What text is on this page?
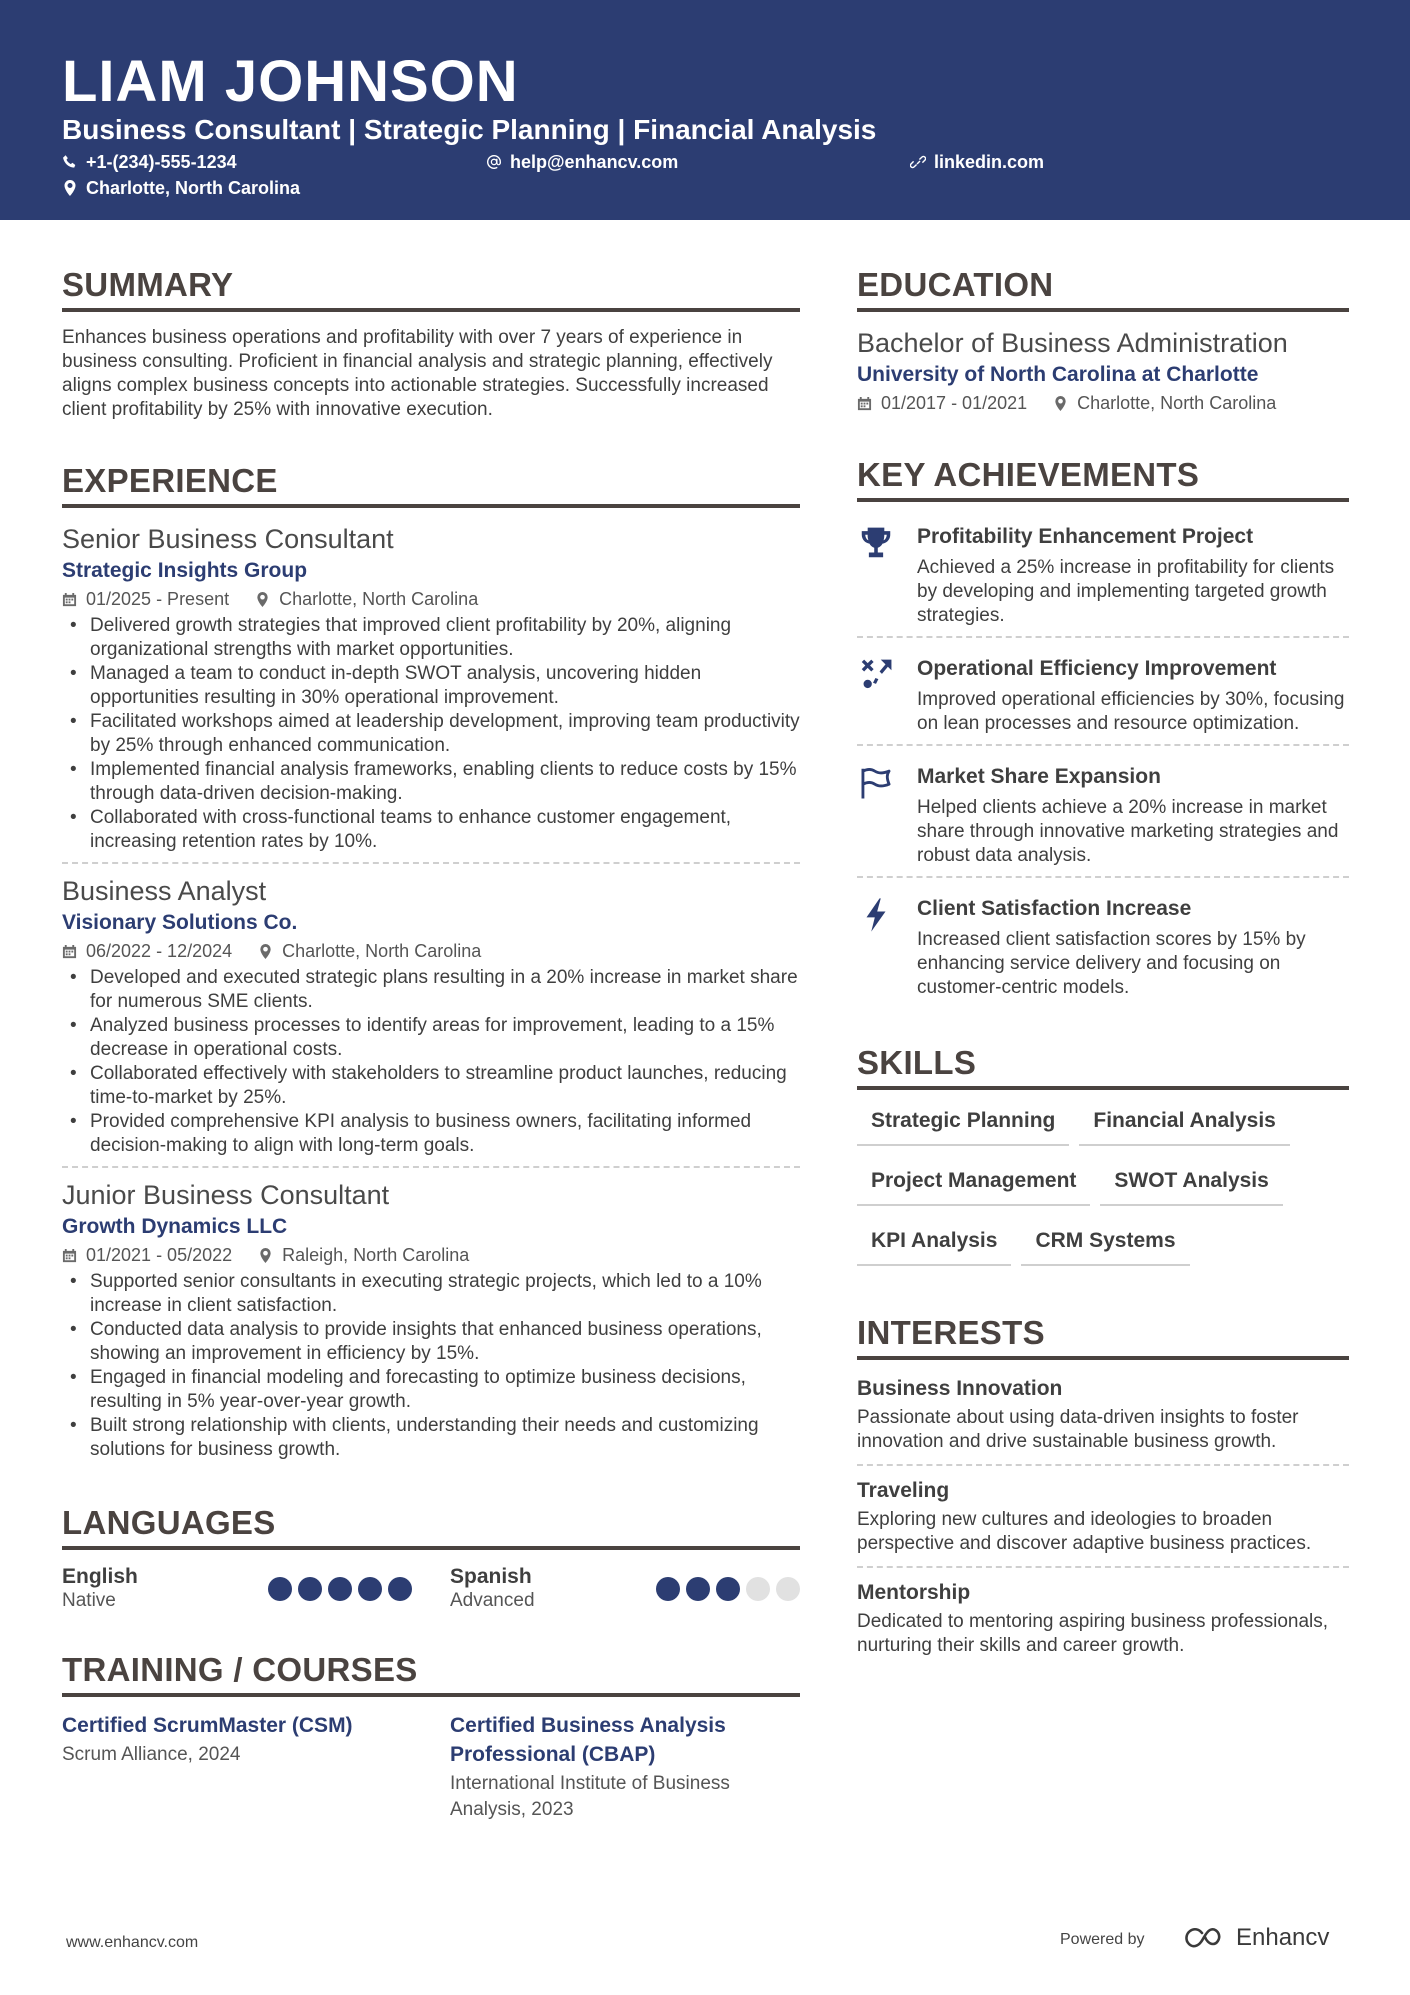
LIAM JOHNSON
Business Consultant | Strategic Planning | Financial Analysis
+1-(234)-555-1234	help@enhancv.com	linkedin.com
Charlotte, North Carolina
SUMMARY

Enhances business operations and profitability with over 7 years of experience in business consulting. Proficient in financial analysis and strategic planning, effectively aligns complex business concepts into actionable strategies. Successfully increased client profitability by 25% with innovative execution.

EXPERIENCE
Senior Business Consultant
Strategic Insights Group
01/2025 - Present	Charlotte, North Carolina
• Delivered growth strategies that improved client profitability by 20%, aligning organizational strengths with market opportunities.
• Managed a team to conduct in-depth SWOT analysis, uncovering hidden opportunities resulting in 30% operational improvement.
• Facilitated workshops aimed at leadership development, improving team productivity by 25% through enhanced communication.
• Implemented financial analysis frameworks, enabling clients to reduce costs by 15% through data-driven decision-making.
• Collaborated with cross-functional teams to enhance customer engagement, increasing retention rates by 10%.
Business Analyst
Visionary Solutions Co.
06/2022 - 12/2024	Charlotte, North Carolina
• Developed and executed strategic plans resulting in a 20% increase in market share for numerous SME clients.
• Analyzed business processes to identify areas for improvement, leading to a 15% decrease in operational costs.
• Collaborated effectively with stakeholders to streamline product launches, reducing time-to-market by 25%.
• Provided comprehensive KPI analysis to business owners, facilitating informed decision-making to align with long-term goals.
Junior Business Consultant
Growth Dynamics LLC
01/2021 - 05/2022	Raleigh, North Carolina
• Supported senior consultants in executing strategic projects, which led to a 10% increase in client satisfaction.
• Conducted data analysis to provide insights that enhanced business operations, showing an improvement in efficiency by 15%.
• Engaged in financial modeling and forecasting to optimize business decisions, resulting in 5% year-over-year growth.
• Built strong relationship with clients, understanding their needs and customizing solutions for business growth.
LANGUAGES
English
Native
Spanish
Advanced
TRAINING / COURSES
Certified ScrumMaster (CSM)
Scrum Alliance, 2024
Certified Business Analysis Professional (CBAP)
International Institute of Business Analysis, 2023
EDUCATION
Bachelor of Business Administration
University of North Carolina at Charlotte
01/2017 - 01/2021	Charlotte, North Carolina
KEY ACHIEVEMENTS
Profitability Enhancement Project
Achieved a 25% increase in profitability for clients by developing and implementing targeted growth strategies.
Operational Efficiency Improvement
Improved operational efficiencies by 30%, focusing on lean processes and resource optimization.
Market Share Expansion
Helped clients achieve a 20% increase in market share through innovative marketing strategies and robust data analysis.
Client Satisfaction Increase
Increased client satisfaction scores by 15% by enhancing service delivery and focusing on customer-centric models.
SKILLS
Strategic Planning	Financial Analysis
Project Management	SWOT Analysis
KPI Analysis	CRM Systems
INTERESTS
Business Innovation
Passionate about using data-driven insights to foster innovation and drive sustainable business growth.
Traveling
Exploring new cultures and ideologies to broaden perspective and discover adaptive business practices.
Mentorship
Dedicated to mentoring aspiring business professionals, nurturing their skills and career growth.
www.enhancv.com	Powered by	Enhancv
